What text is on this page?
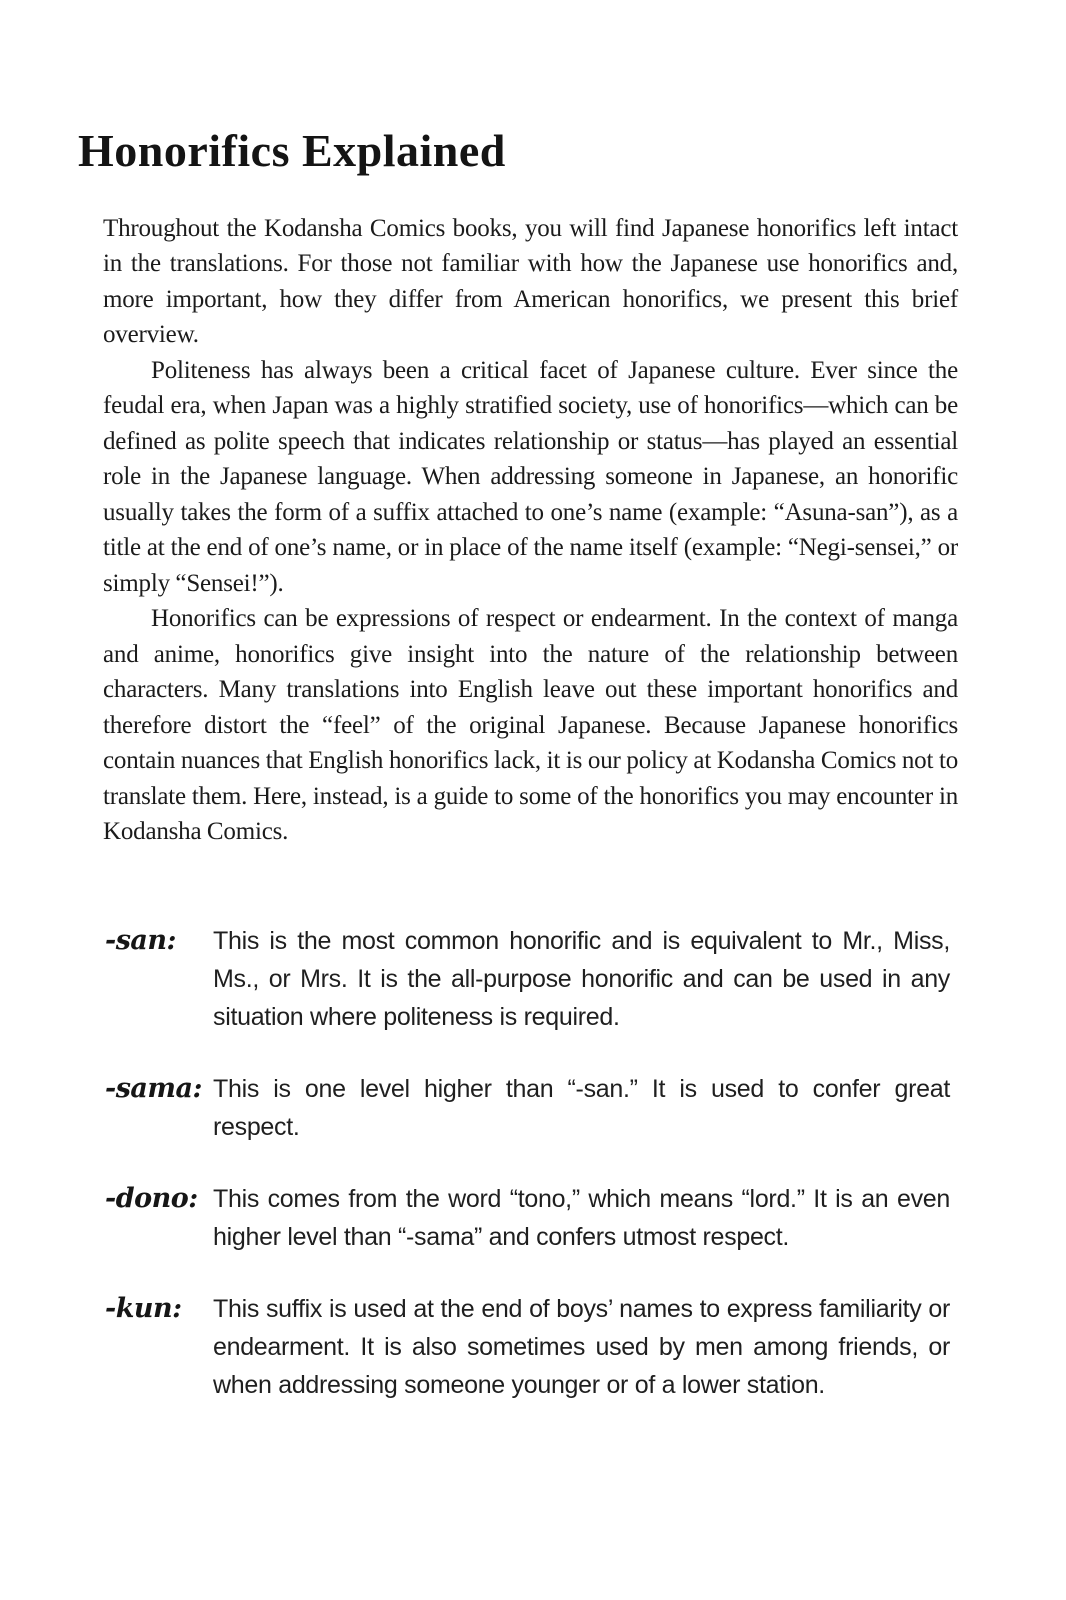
Honorifics Explained

Throughout the Kodansha Comics books, you will find Japanese honorifics left intact in the translations. For those not familiar with how the Japanese use honorifics and, more important, how they differ from American honorifics, we present this brief overview.

Politeness has always been a critical facet of Japanese culture. Ever since the feudal era, when Japan was a highly stratified society, use of honorifics—which can be defined as polite speech that indicates relationship or status—has played an essential role in the Japanese language. When addressing someone in Japanese, an honorific usually takes the form of a suffix attached to one’s name (example: “Asuna-san”), as a title at the end of one’s name, or in place of the name itself (example: “Negi-sensei,” or simply “Sensei!”).

Honorifics can be expressions of respect or endearment. In the context of manga and anime, honorifics give insight into the nature of the relationship between characters. Many translations into English leave out these important honorifics and therefore distort the “feel” of the original Japanese. Because Japanese honorifics contain nuances that English honorifics lack, it is our policy at Kodansha Comics not to translate them. Here, instead, is a guide to some of the honorifics you may encounter in Kodansha Comics.

-san:	This is the most common honorific and is equivalent to Mr., Miss, Ms., or Mrs. It is the all-purpose honorific and can be used in any situation where politeness is required.
-sama: This is one level higher than “-san.” It is used to confer great respect.
-dono: This comes from the word “tono,” which means “lord.” It is an even higher level than “-sama” and confers utmost respect.
-kun:	This suffix is used at the end of boys’ names to express familiarity or endearment. It is also sometimes used by men among friends, or when addressing someone younger or of a lower station.
